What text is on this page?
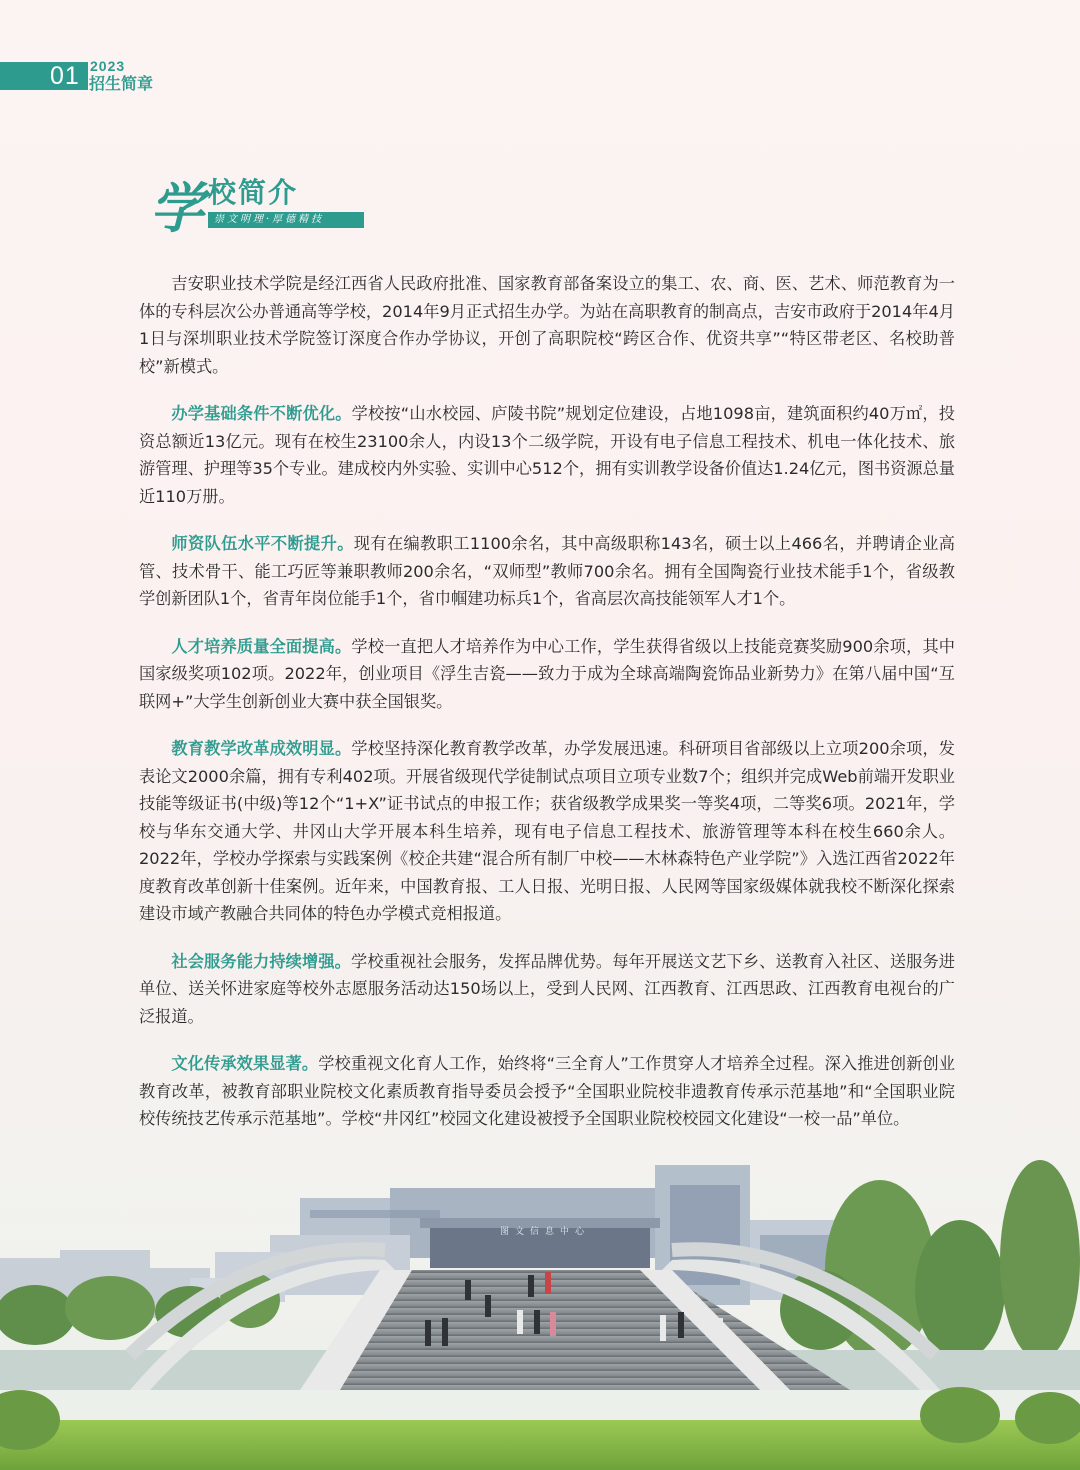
01 2023
招生简章
学 校简介
崇文明理·厚德精技

吉安职业技术学院是经江西省人民政府批准、国家教育部备案设立的集工、农、商、医、艺术、师范教育为一体的专科层次公办普通高等学校，2014年9月正式招生办学。为站在高职教育的制高点，吉安市政府于2014年4月1日与深圳职业技术学院签订深度合作办学协议，开创了高职院校“跨区合作、优资共享”“特区带老区、名校助普校”新模式。

办学基础条件不断优化。学校按“山水校园、庐陵书院”规划定位建设，占地1098亩，建筑面积约40万㎡，投资总额近13亿元。现有在校生23100余人，内设13个二级学院，开设有电子信息工程技术、机电一体化技术、旅游管理、护理等35个专业。建成校内外实验、实训中心512个，拥有实训教学设备价值达1.24亿元，图书资源总量近110万册。

师资队伍水平不断提升。现有在编教职工1100余名，其中高级职称143名，硕士以上466名，并聘请企业高管、技术骨干、能工巧匠等兼职教师200余名，“双师型”教师700余名。拥有全国陶瓷行业技术能手1个，省级教学创新团队1个，省青年岗位能手1个，省巾帼建功标兵1个，省高层次高技能领军人才1个。

人才培养质量全面提高。学校一直把人才培养作为中心工作，学生获得省级以上技能竞赛奖励900余项，其中国家级奖项102项。2022年，创业项目《浮生吉瓷——致力于成为全球高端陶瓷饰品业新势力》在第八届中国“互联网+”大学生创新创业大赛中获全国银奖。

教育教学改革成效明显。学校坚持深化教育教学改革，办学发展迅速。科研项目省部级以上立项200余项，发表论文2000余篇，拥有专利402项。开展省级现代学徒制试点项目立项专业数7个；组织并完成Web前端开发职业技能等级证书(中级)等12个“1+X”证书试点的申报工作；获省级教学成果奖一等奖4项，二等奖6项。2021年，学校与华东交通大学、井冈山大学开展本科生培养，现有电子信息工程技术、旅游管理等本科在校生660余人。2022年，学校办学探索与实践案例《校企共建“混合所有制厂中校——木林森特色产业学院”》入选江西省2022年度教育改革创新十佳案例。近年来，中国教育报、工人日报、光明日报、人民网等国家级媒体就我校不断深化探索建设市域产教融合共同体的特色办学模式竞相报道。

社会服务能力持续增强。学校重视社会服务，发挥品牌优势。每年开展送文艺下乡、送教育入社区、送服务进单位、送关怀进家庭等校外志愿服务活动达150场以上，受到人民网、江西教育、江西思政、江西教育电视台的广泛报道。

文化传承效果显著。学校重视文化育人工作，始终将“三全育人”工作贯穿人才培养全过程。深入推进创新创业教育改革，被教育部职业院校文化素质教育指导委员会授予“全国职业院校非遗教育传承示范基地”和“全国职业院校传统技艺传承示范基地”。学校“井冈红”校园文化建设被授予全国职业院校校园文化建设“一校一品”单位。

图文信息中心
